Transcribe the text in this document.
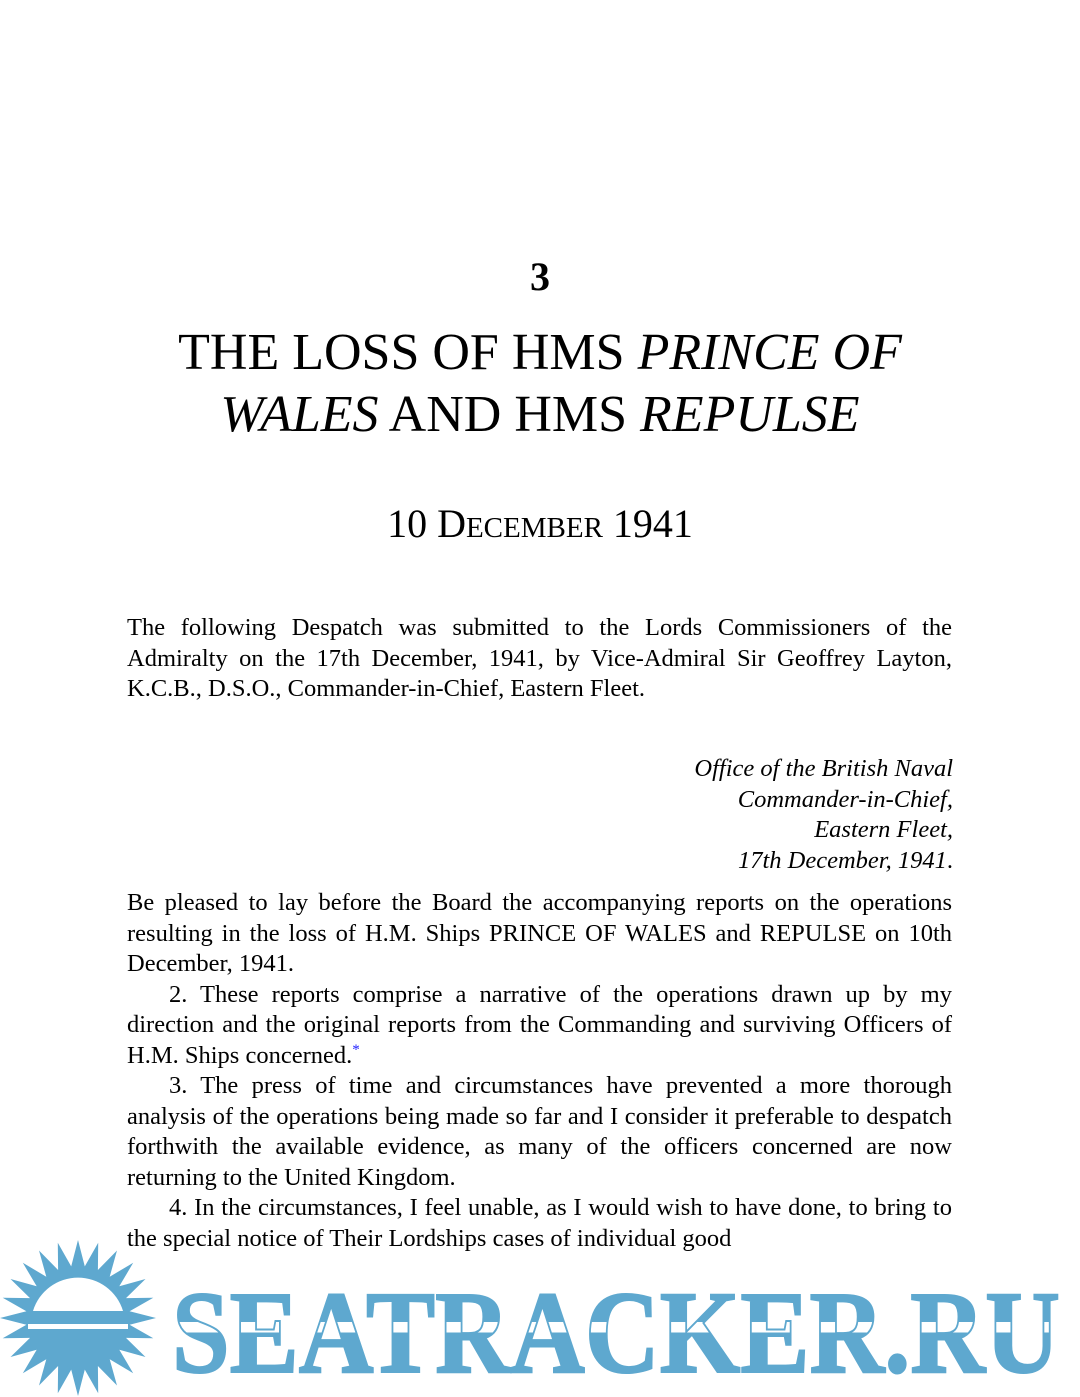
3
THE LOSS OF HMS PRINCE OF WALES AND HMS REPULSE
10 DECEMBER 1941

The following Despatch was submitted to the Lords Commissioners of the Admiralty on the 17th December, 1941, by Vice-Admiral Sir Geoffrey Layton, K.C.B., D.S.O., Commander-in-Chief, Eastern Fleet.

Office of the British Naval
Commander-in-Chief,
Eastern Fleet,
17th December, 1941.

Be pleased to lay before the Board the accompanying reports on the operations resulting in the loss of H.M. Ships PRINCE OF WALES and REPULSE on 10th December, 1941.

2. These reports comprise a narrative of the operations drawn up by my direction and the original reports from the Commanding and surviving Officers of H.M. Ships concerned.*

3. The press of time and circumstances have prevented a more thorough analysis of the operations being made so far and I consider it preferable to despatch forthwith the available evidence, as many of the officers concerned are now returning to the United Kingdom.

4. In the circumstances, I feel unable, as I would wish to have done, to bring to the special notice of Their Lordships cases of individual good

SEATRACKER.RU
